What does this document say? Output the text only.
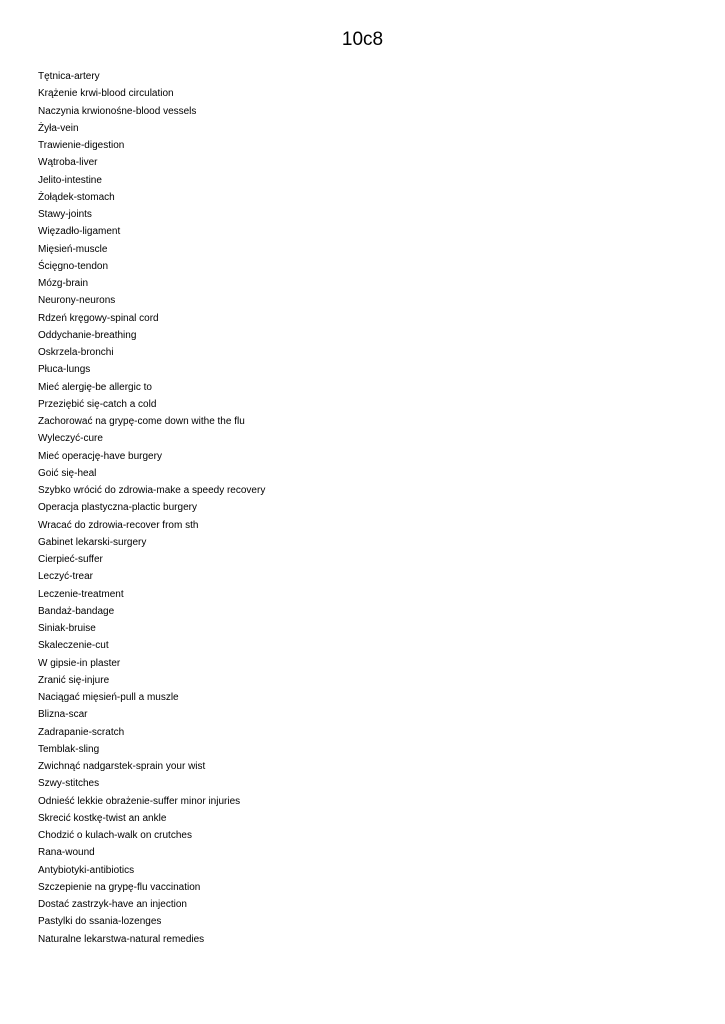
10c8
Tętnica-artery
Krążenie krwi-blood circulation
Naczynia krwionośne-blood vessels
Żyła-vein
Trawienie-digestion
Wątroba-liver
Jelito-intestine
Żołądek-stomach
Stawy-joints
Więzadło-ligament
Mięsień-muscle
Ścięgno-tendon
Mózg-brain
Neurony-neurons
Rdzeń kręgowy-spinal cord
Oddychanie-breathing
Oskrzela-bronchi
Płuca-lungs
Mieć alergię-be allergic to
Przeziębić się-catch a cold
Zachorować na grypę-come down withe the flu
Wyleczyć-cure
Mieć operację-have burgery
Goić się-heal
Szybko wrócić do zdrowia-make a speedy recovery
Operacja plastyczna-plactic burgery
Wracać do zdrowia-recover from sth
Gabinet lekarski-surgery
Cierpieć-suffer
Leczyć-trear
Leczenie-treatment
Bandaż-bandage
Siniak-bruise
Skaleczenie-cut
W gipsie-in plaster
Zranić się-injure
Naciągać mięsień-pull a muszle
Blizna-scar
Zadrapanie-scratch
Temblak-sling
Zwichnąć nadgarstek-sprain your wist
Szwy-stitches
Odnieść lekkie obrażenie-suffer minor injuries
Skrecić kostkę-twist an ankle
Chodzić o kulach-walk on crutches
Rana-wound
Antybiotyki-antibiotics
Szczepienie na grypę-flu vaccination
Dostać zastrzyk-have an injection
Pastylki do ssania-lozenges
Naturalne lekarstwa-natural remedies
